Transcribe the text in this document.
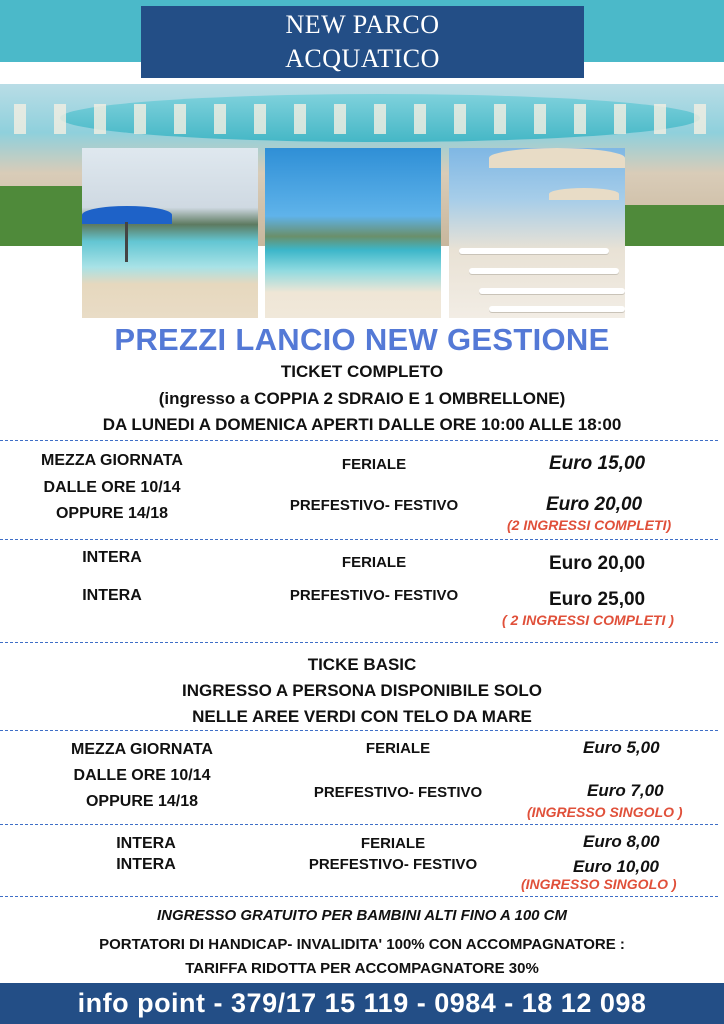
NEW PARCO
ACQUATICO
PREZZI LANCIO NEW GESTIONE
TICKET COMPLETO
(ingresso a COPPIA 2 SDRAIO E 1 OMBRELLONE)
DA LUNEDI A DOMENICA APERTI DALLE ORE 10:00 ALLE 18:00
MEZZA GIORNATA
DALLE ORE 10/14
OPPURE 14/18
FERIALE
PREFESTIVO- FESTIVO
Euro 15,00
Euro 20,00
(2 INGRESSI COMPLETI)
INTERA
INTERA
FERIALE
PREFESTIVO- FESTIVO
Euro 20,00
Euro 25,00
( 2 INGRESSI COMPLETI )
TICKE BASIC
INGRESSO A PERSONA DISPONIBILE SOLO
NELLE AREE VERDI CON TELO DA MARE
MEZZA GIORNATA
DALLE ORE 10/14
OPPURE 14/18
FERIALE
PREFESTIVO- FESTIVO
Euro 5,00
Euro 7,00
(INGRESSO SINGOLO )
INTERA
INTERA
FERIALE
PREFESTIVO- FESTIVO
Euro 8,00
Euro 10,00
(INGRESSO SINGOLO )
INGRESSO GRATUITO PER BAMBINI ALTI FINO A 100 CM
PORTATORI DI HANDICAP- INVALIDITA' 100% CON ACCOMPAGNATORE :
TARIFFA RIDOTTA PER ACCOMPAGNATORE 30%
info point - 379/17 15 119 - 0984 - 18 12 098
